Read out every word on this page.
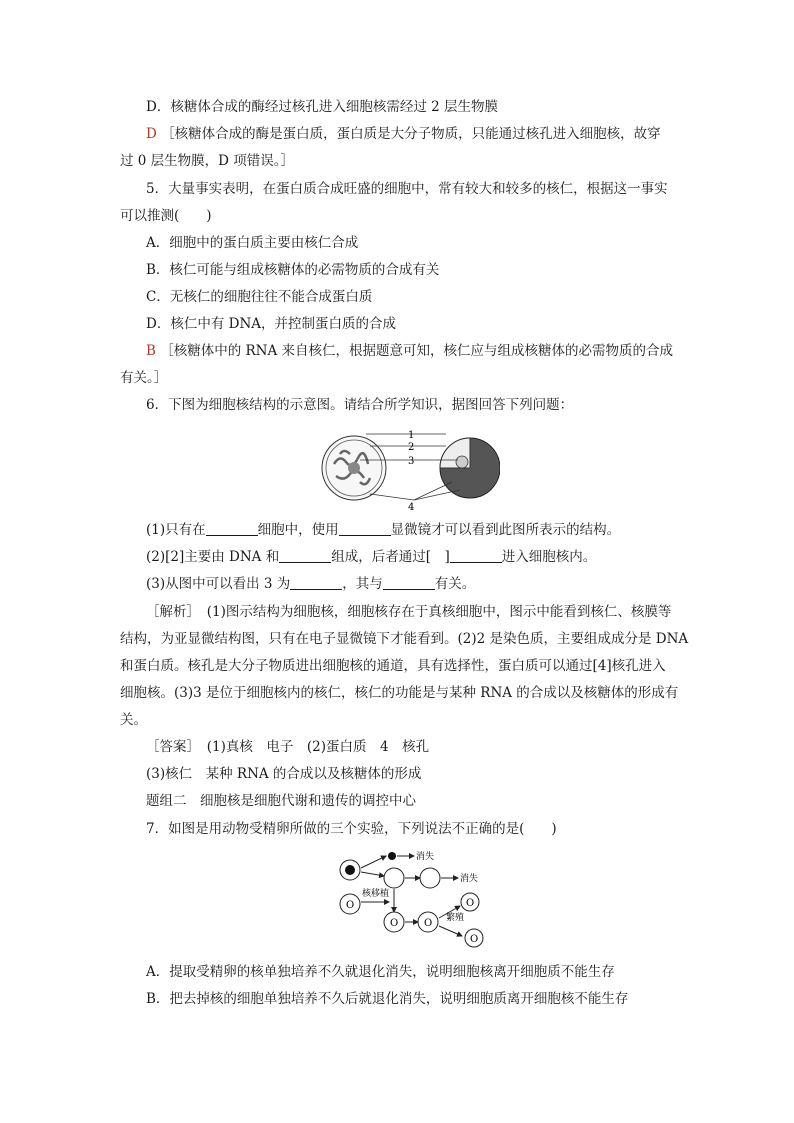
D．核糖体合成的酶经过核孔进入细胞核需经过 2 层生物膜
D ［核糖体合成的酶是蛋白质，蛋白质是大分子物质，只能通过核孔进入细胞核，故穿
过 0 层生物膜，D 项错误。］
5．大量事实表明，在蛋白质合成旺盛的细胞中，常有较大和较多的核仁，根据这一事实
可以推测(　　)
A．细胞中的蛋白质主要由核仁合成
B．核仁可能与组成核糖体的必需物质的合成有关
C．无核仁的细胞往往不能合成蛋白质
D．核仁中有 DNA，并控制蛋白质的合成
B ［核糖体中的 RNA 来自核仁，根据题意可知，核仁应与组成核糖体的必需物质的合成
有关。］
6．下图为细胞核结构的示意图。请结合所学知识，据图回答下列问题：
1
2
3
4
(1)只有在	细胞中，使用	显微镜才可以看到此图所表示的结构。
(2)[2]主要由 DNA 和	组成，后者通过[　]	进入细胞核内。
(3)从图中可以看出 3 为	，其与	有关。
［解析］　(1)图示结构为细胞核，细胞核存在于真核细胞中，图示中能看到核仁、核膜等
结构，为亚显微结构图，只有在电子显微镜下才能看到。(2)2 是染色质，主要组成成分是 DNA
和蛋白质。核孔是大分子物质进出细胞核的通道，具有选择性，蛋白质可以通过[4]核孔进入
细胞核。(3)3 是位于细胞核内的核仁，核仁的功能是与某种 RNA 的合成以及核糖体的形成有
关。
［答案］　(1)真核　电子　(2)蛋白质　4　核孔
(3)核仁　某种 RNA 的合成以及核糖体的形成
题组二　细胞核是细胞代谢和遗传的调控中心
7．如图是用动物受精卵所做的三个实验，下列说法不正确的是(　　)
消失
消失
O
核移植
O	O 繁殖
O
O
A．提取受精卵的核单独培养不久就退化消失，说明细胞核离开细胞质不能生存
B．把去掉核的细胞单独培养不久后就退化消失，说明细胞质离开细胞核不能生存
